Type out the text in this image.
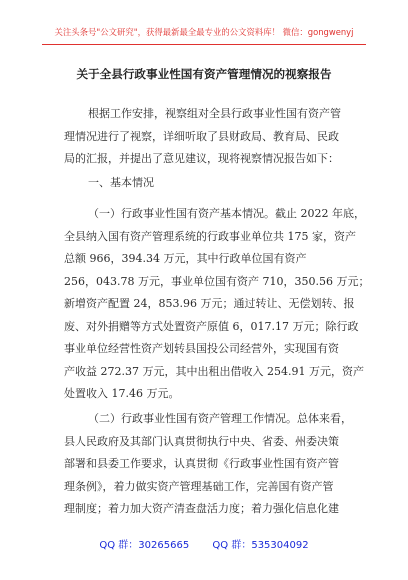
关注头条号"公文研究"，获得最新最全最专业的公文资料库！ 微信：gongwenyj
关于全县行政事业性国有资产管理情况的视察报告
根据工作安排，视察组对全县行政事业性国有资产管
理情况进行了视察，详细听取了县财政局、教育局、民政
局的汇报，并提出了意见建议，现将视察情况报告如下：
一、基本情况
（一）行政事业性国有资产基本情况。截止 2022 年底，
全县纳入国有资产管理系统的行政事业单位共 175 家，资产
总额 966，394.34 万元，其中行政单位国有资产
256，043.78 万元，事业单位国有资产 710，350.56 万元；
新增资产配置 24，853.96 万元；通过转让、无偿划转、报
废、对外捐赠等方式处置资产原值 6，017.17 万元；除行政
事业单位经营性资产划转县国投公司经营外，实现国有资
产收益 272.37 万元，其中出租出借收入 254.91 万元，资产
处置收入 17.46 万元。
（二）行政事业性国有资产管理工作情况。总体来看，
县人民政府及其部门认真贯彻执行中央、省委、州委决策
部署和县委工作要求，认真贯彻《行政事业性国有资产管
理条例》，着力做实资产管理基础工作，完善国有资产管
理制度；着力加大资产清查盘活力度；着力强化信息化建
QQ 群：30265665 QQ 群：535304092
